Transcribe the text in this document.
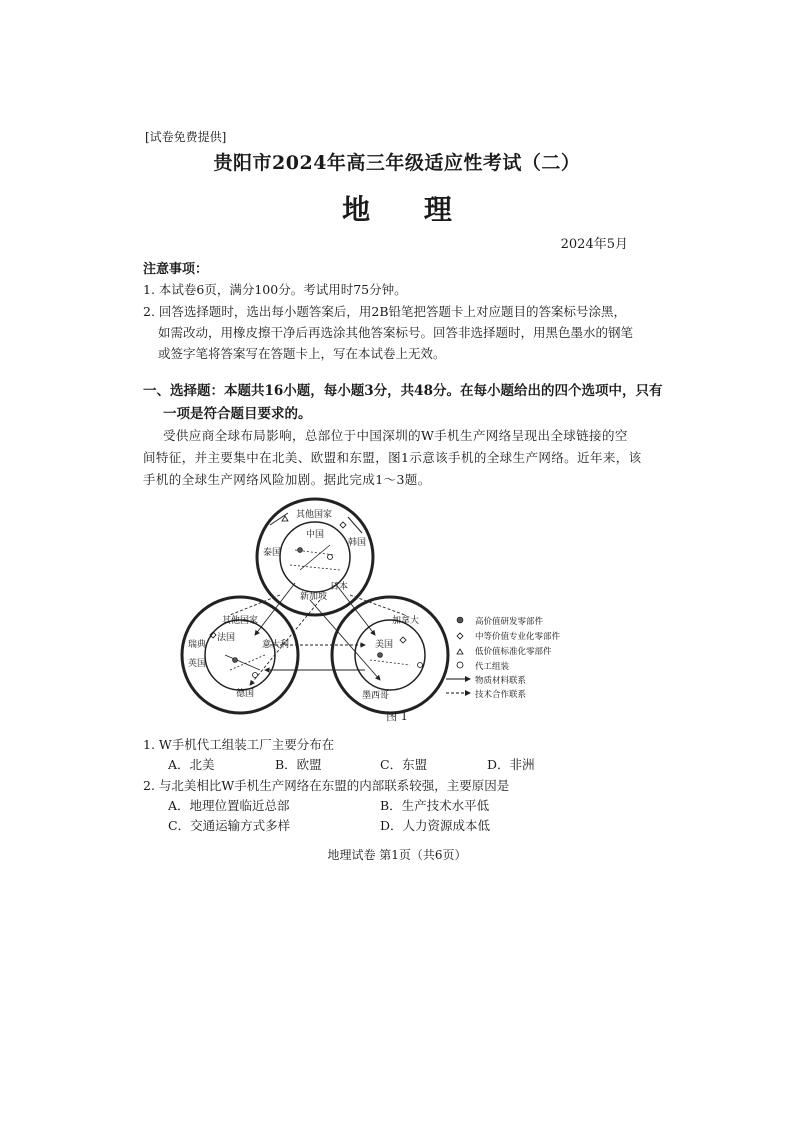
[试卷免费提供]
贵阳市2024年高三年级适应性考试（二）
地 理
2024年5月
注意事项：
1. 本试卷6页，满分100分。考试用时75分钟。
2. 回答选择题时，选出每小题答案后，用2B铅笔把答题卡上对应题目的答案标号涂黑，
如需改动，用橡皮擦干净后再选涂其他答案标号。回答非选择题时，用黑色墨水的钢笔
或签字笔将答案写在答题卡上，写在本试卷上无效。
一、选择题：本题共16小题，每小题3分，共48分。在每小题给出的四个选项中，只有
一项是符合题目要求的。
受供应商全球布局影响，总部位于中国深圳的W手机生产网络呈现出全球链接的空
间特征，并主要集中在北美、欧盟和东盟，图1示意该手机的全球生产网络。近年来，该
手机的全球生产网络风险加剧。据此完成1～3题。
其他国家
韩国
泰国
日本
中国
新加坡
其他国家
瑞典
英国
德国
法国
意大利
加拿大
墨西哥
美国
高价值研发零部件
中等价值专业化零部件
低价值标准化零部件
代工组装
物质材料联系
技术合作联系
图 1
1. W手机代工组装工厂主要分布在
A．北美	B．欧盟	C．东盟	D．非洲
2. 与北美相比W手机生产网络在东盟的内部联系较强，主要原因是
A．地理位置临近总部	B．生产技术水平低
C．交通运输方式多样	D．人力资源成本低
地理试卷 第1页（共6页）
